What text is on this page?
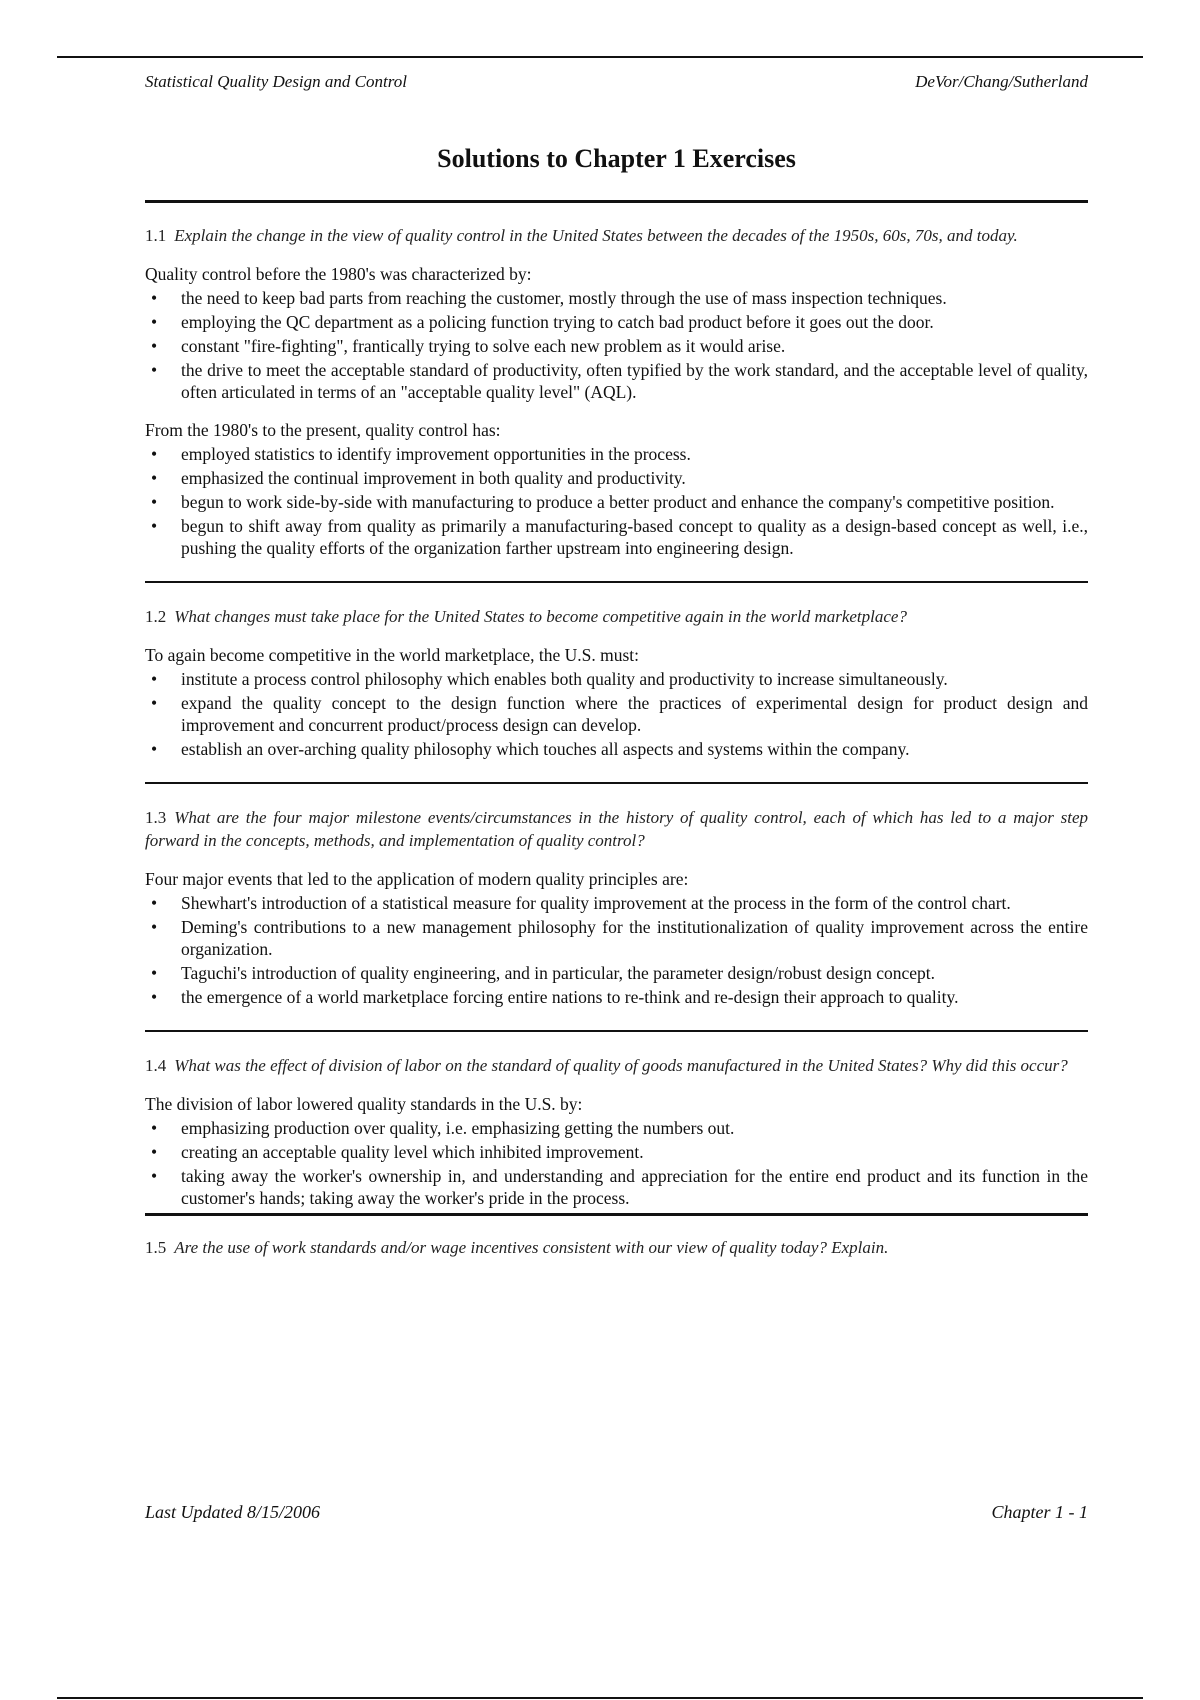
Statistical Quality Design and Control	DeVor/Chang/Sutherland
Solutions to Chapter 1 Exercises
1.1 Explain the change in the view of quality control in the United States between the decades of the 1950s, 60s, 70s, and today.
Quality control before the 1980's was characterized by:
• the need to keep bad parts from reaching the customer, mostly through the use of mass inspection techniques.
• employing the QC department as a policing function trying to catch bad product before it goes out the door.
• constant "fire-fighting", frantically trying to solve each new problem as it would arise.
• the drive to meet the acceptable standard of productivity, often typified by the work standard, and the acceptable level of quality, often articulated in terms of an "acceptable quality level" (AQL).
From the 1980's to the present, quality control has:
• employed statistics to identify improvement opportunities in the process.
• emphasized the continual improvement in both quality and productivity.
• begun to work side-by-side with manufacturing to produce a better product and enhance the company's competitive position.
• begun to shift away from quality as primarily a manufacturing-based concept to quality as a design-based concept as well, i.e., pushing the quality efforts of the organization farther upstream into engineering design.
1.2 What changes must take place for the United States to become competitive again in the world marketplace?
To again become competitive in the world marketplace, the U.S. must:
• institute a process control philosophy which enables both quality and productivity to increase simultaneously.
• expand the quality concept to the design function where the practices of experimental design for product design and improvement and concurrent product/process design can develop.
• establish an over-arching quality philosophy which touches all aspects and systems within the company.
1.3 What are the four major milestone events/circumstances in the history of quality control, each of which has led to a major step forward in the concepts, methods, and implementation of quality control?
Four major events that led to the application of modern quality principles are:
• Shewhart's introduction of a statistical measure for quality improvement at the process in the form of the control chart.
• Deming's contributions to a new management philosophy for the institutionalization of quality improvement across the entire organization.
• Taguchi's introduction of quality engineering, and in particular, the parameter design/robust design concept.
• the emergence of a world marketplace forcing entire nations to re-think and re-design their approach to quality.
1.4 What was the effect of division of labor on the standard of quality of goods manufactured in the United States? Why did this occur?
The division of labor lowered quality standards in the U.S. by:
• emphasizing production over quality, i.e. emphasizing getting the numbers out.
• creating an acceptable quality level which inhibited improvement.
• taking away the worker's ownership in, and understanding and appreciation for the entire end product and its function in the customer's hands; taking away the worker's pride in the process.
1.5 Are the use of work standards and/or wage incentives consistent with our view of quality today? Explain.
Last Updated 8/15/2006	Chapter 1 - 1
